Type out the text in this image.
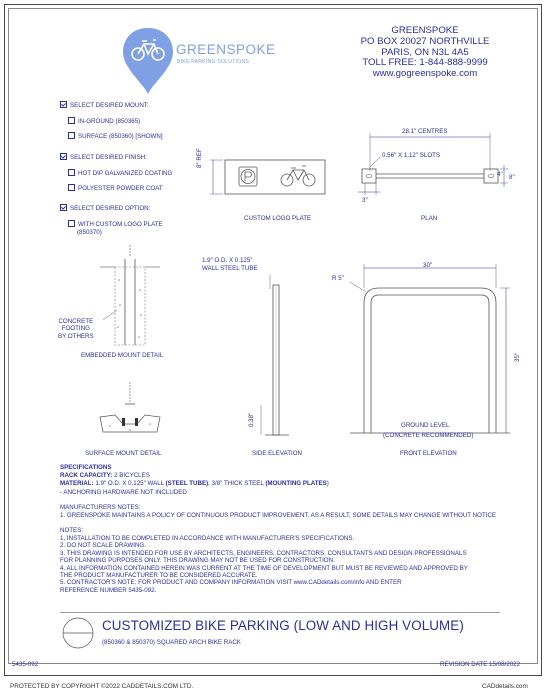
GREENSPOKE
BIKE PARKING SOLUTIONS
GREENSPOKE
PO BOX 20027 NORTHVILLE
PARIS, ON N3L 4A5
TOLL FREE: 1-844-888-9999
www.gogreenspoke.com
SELECT DESIRED MOUNT:
IN-GROUND (850365)
SURFACE (850360) [SHOWN]
SELECT DESIRED FINISH:
HOT DIP GALVANIZED COATING
POLYESTER POWDER COAT
SELECT DESIRED OPTION:
WITH CUSTOM LOGO PLATE
(850370)
8" REF
CUSTOM LOGO PLATE
28.1" CENTRES
0.56" X 1.12" SLOTS
3"
8"
4"
PLAN
CONCRETE
FOOTING
BY OTHERS
EMBEDDED MOUNT DETAIL
SURFACE MOUNT DETAIL
1.9" O.D. X 0.125"
WALL STEEL TUBE
0.38"
SIDE ELEVATION
30"
R 5"
35"
GROUND LEVEL
(CONCRETE RECOMMENDED)
FRONT ELEVATION
SPECIFICATIONS
RACK CAPACITY: 2 BICYCLES
MATERIAL: 1.9" O.D. X 0.125" WALL (STEEL TUBE), 3/8" THICK STEEL (MOUNTING PLATES)
- ANCHORING HARDWARE NOT INCLUDED
MANUFACTURERS NOTES:
1. GREENSPOKE MAINTAINS A POLICY OF CONTINUOUS PRODUCT IMPROVEMENT. AS A RESULT, SOME DETAILS MAY CHANGE WITHOUT NOTICE
NOTES:
1. INSTALLATION TO BE COMPLETED IN ACCORDANCE WITH MANUFACTURER'S SPECIFICATIONS.
2. DO NOT SCALE DRAWING.
3. THIS DRAWING IS INTENDED FOR USE BY ARCHITECTS, ENGINEERS, CONTRACTORS, CONSULTANTS AND DESIGN PROFESSIONALS
FOR PLANNING PURPOSES ONLY. THIS DRAWING MAY NOT BE USED FOR CONSTRUCTION.
4. ALL INFORMATION CONTAINED HEREIN WAS CURRENT AT THE TIME OF DEVELOPMENT BUT MUST BE REVIEWED AND APPROVED BY
THE PRODUCT MANUFACTURER TO BE CONSIDERED ACCURATE.
5. CONTRACTOR'S NOTE: FOR PRODUCT AND COMPANY INFORMATION VISIT www.CADdetails.com/info AND ENTER
REFERENCE NUMBER 5435-092.
CUSTOMIZED BIKE PARKING (LOW AND HIGH VOLUME)
(850360 & 850370) SQUARED ARCH BIKE RACK
5435-092	REVISION DATE 15/08/2022
PROTECTED BY COPYRIGHT ©2022 CADDETAILS.COM LTD.	CADdetails.com
